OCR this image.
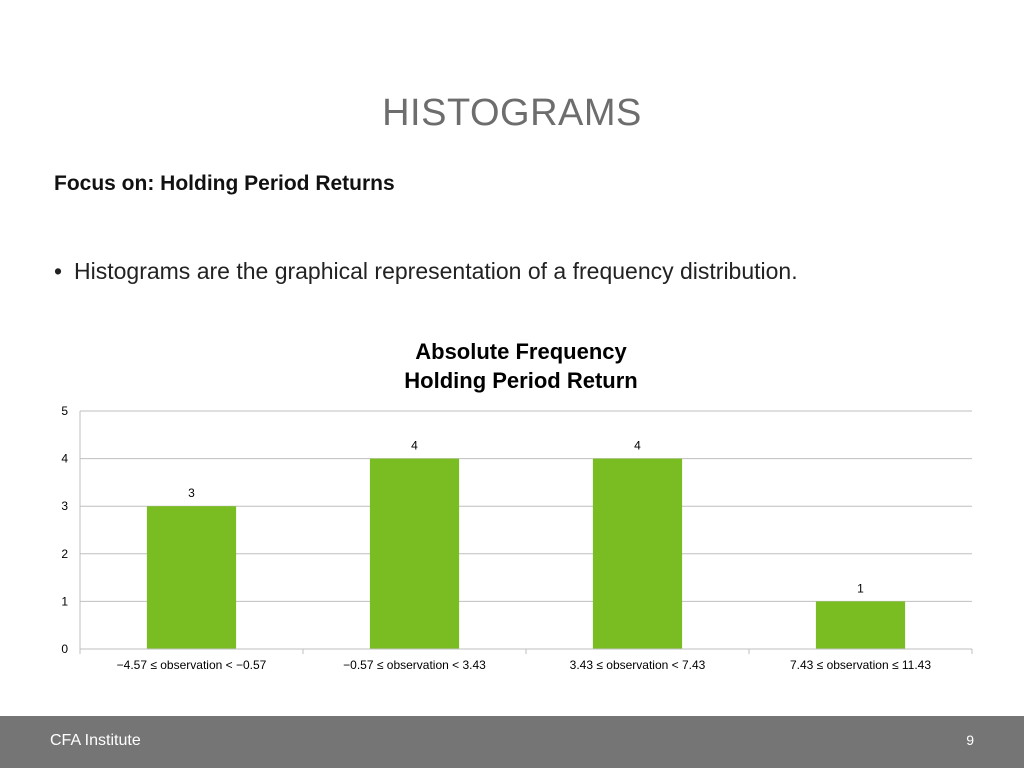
HISTOGRAMS
Focus on: Holding Period Returns
• Histograms are the graphical representation of a frequency distribution.
Absolute Frequency
Holding Period Return
0
1
2
3
4
5
3
−4.57 ≤ observation < −0.57
4
−0.57 ≤ observation < 3.43
4
3.43 ≤ observation < 7.43
1
7.43 ≤ observation ≤ 11.43
CFA Institute	9
